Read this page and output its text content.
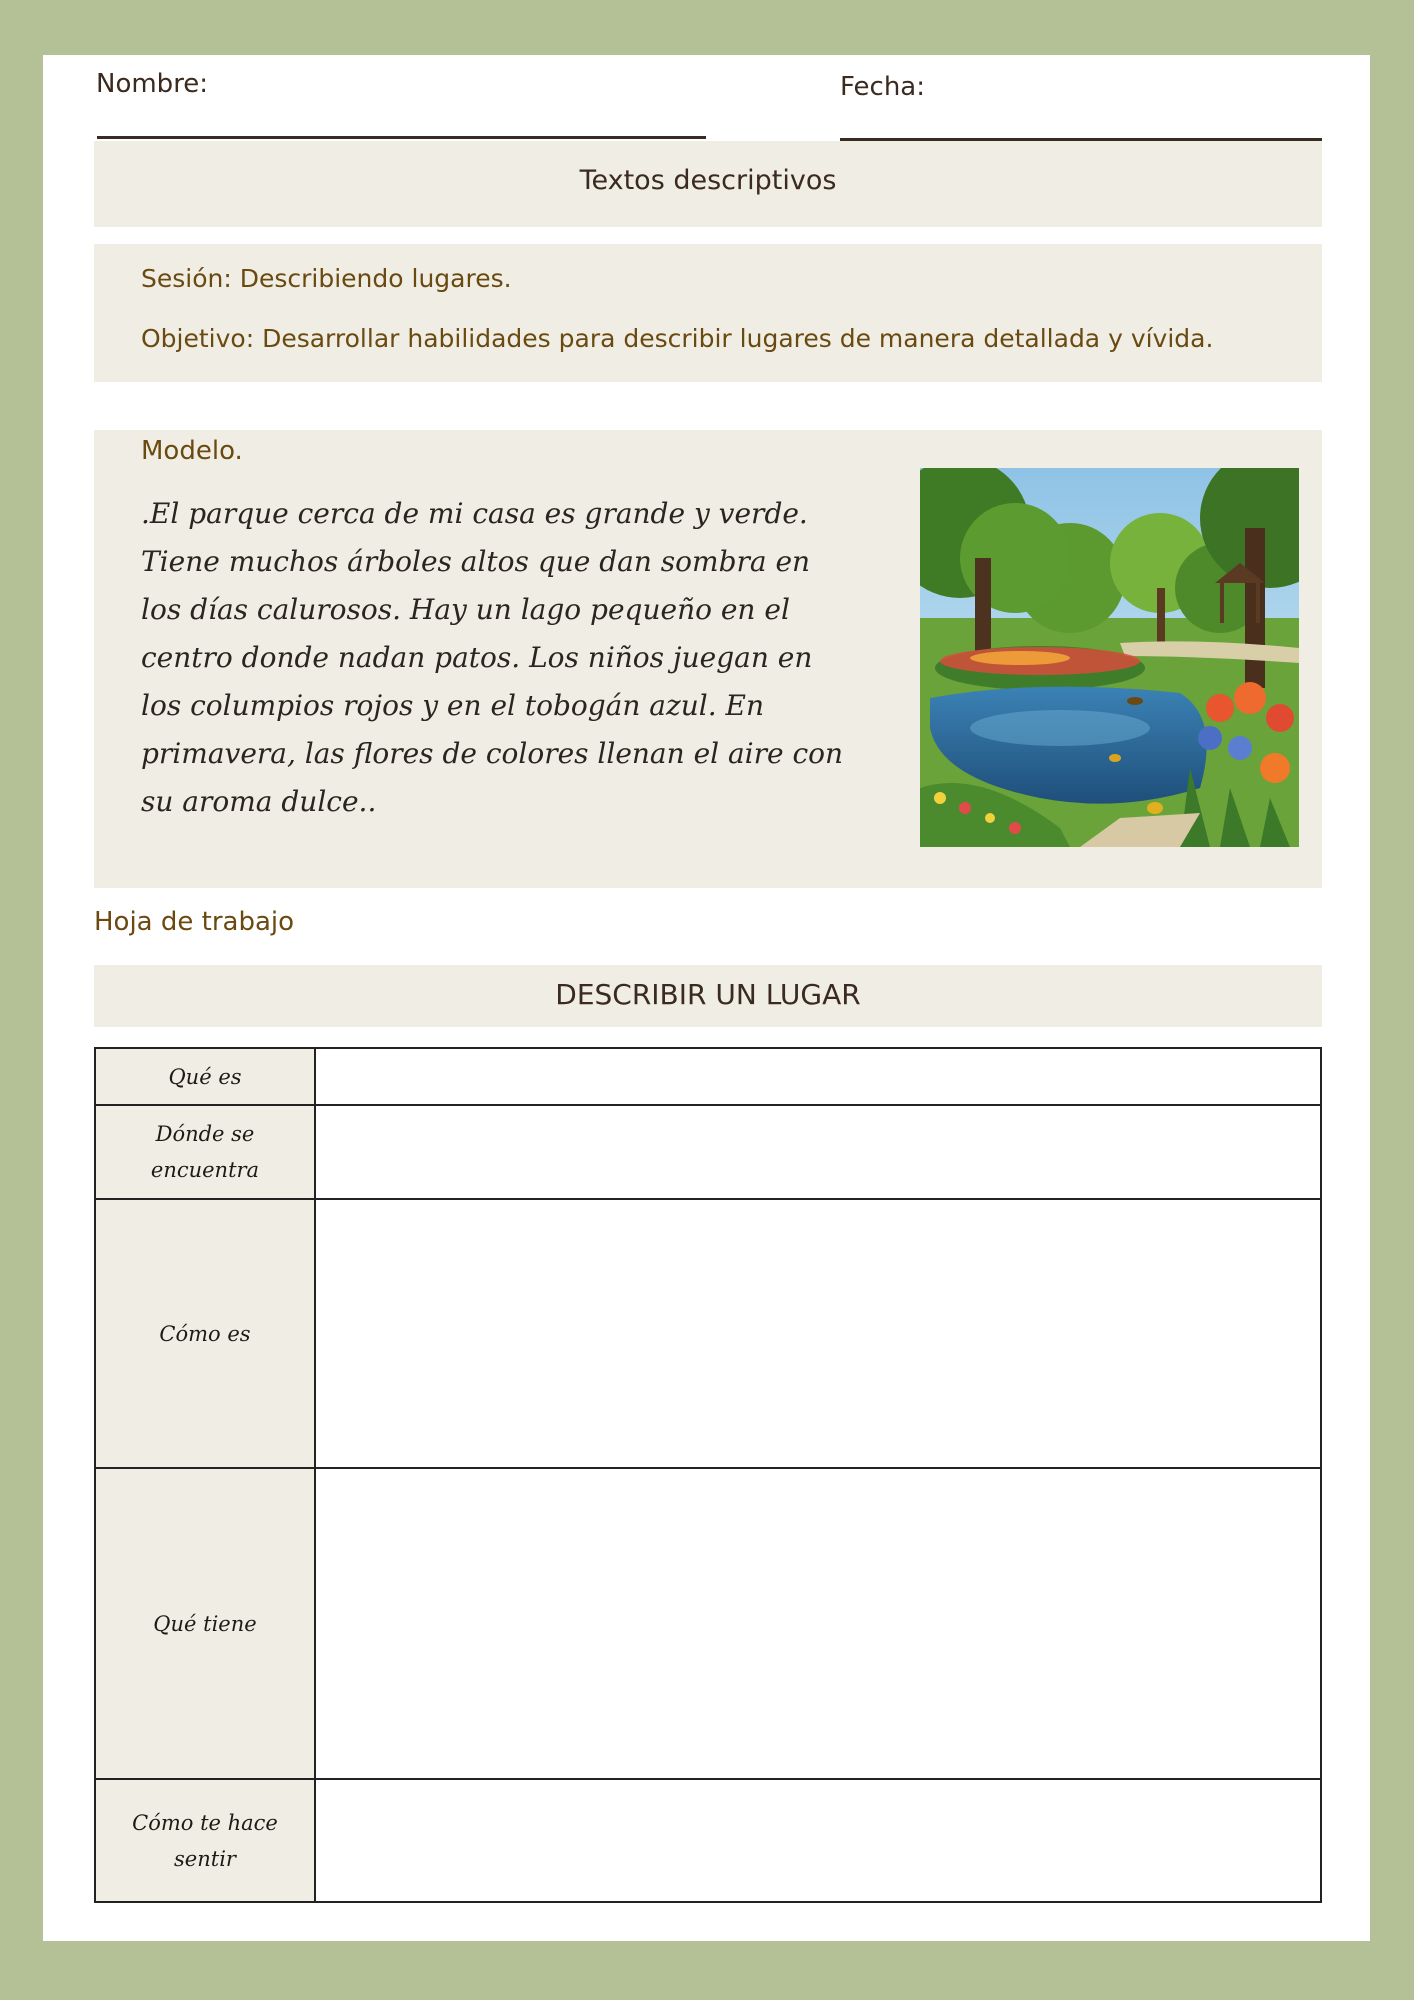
Nombre:	Fecha:
Textos descriptivos
Sesión: Describiendo lugares.
Objetivo: Desarrollar habilidades para describir lugares de manera detallada y vívida.
Modelo.
.El parque cerca de mi casa es grande y verde.
Tiene muchos árboles altos que dan sombra en
los días calurosos. Hay un lago pequeño en el
centro donde nadan patos. Los niños juegan en
los columpios rojos y en el tobogán azul. En
primavera, las flores de colores llenan el aire con
su aroma dulce..
Hoja de trabajo
DESCRIBIR UN LUGAR
Qué es	
Dónde se encuentra	
Cómo es	
Qué tiene	
Cómo te hace sentir	
